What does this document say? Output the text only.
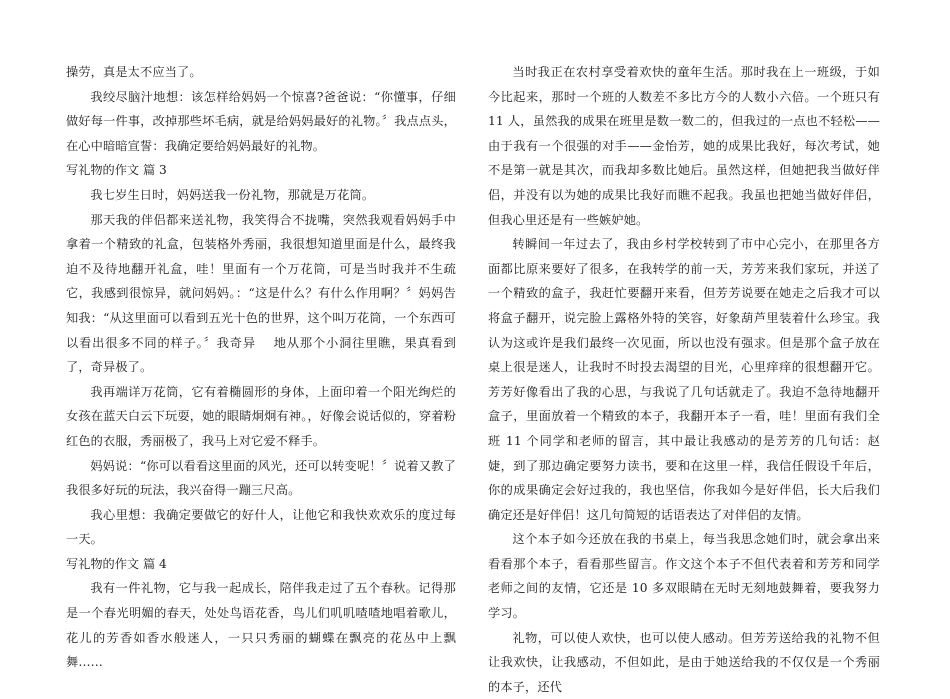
操劳，真是太不应当了。

我绞尽脑汁地想：该怎样给妈妈一个惊喜?爸爸说：“你懂事，仔细做好每一件事，改掉那些坏毛病，就是给妈妈最好的礼物。〞我点点头，在心中暗暗宣誓：我确定要给妈妈最好的礼物。

写礼物的作文 篇 3

我七岁生日时，妈妈送我一份礼物，那就是万花筒。

那天我的伴侣都来送礼物，我笑得合不拢嘴，突然我观看妈妈手中拿着一个精致的礼盒，包装格外秀丽，我很想知道里面是什么，最终我迫不及待地翻开礼盒，哇！里面有一个万花筒，可是当时我并不生疏它，我感到很惊异，就问妈妈。：“这是什么？有什么作用啊？〞妈妈告知我：“从这里面可以看到五光十色的世界，这个叫万花筒，一个东西可以看出很多不同的样子。〞我奇异　 地从那个小洞往里瞧，果真看到了，奇异极了。

我再端详万花筒，它有着椭圆形的身体，上面印着一个阳光绚烂的女孩在蓝天白云下玩耍，她的眼睛炯炯有神。，好像会说话似的，穿着粉红色的衣服，秀丽极了，我马上对它爱不释手。

妈妈说：“你可以看看这里面的风光，还可以转变呢！〞说着又教了我很多好玩的玩法，我兴奋得一蹦三尺高。

我心里想：我确定要做它的好什人，让他它和我快欢欢乐的度过每一天。

写礼物的作文 篇 4

我有一件礼物，它与我一起成长，陪伴我走过了五个春秋。记得那是一个春光明媚的春天，处处鸟语花香，鸟儿们叽叽喳喳地唱着歌儿，花儿的芳香如香水般迷人，一只只秀丽的蝴蝶在飘亮的花丛中上飘舞……

当时我正在农村享受着欢快的童年生活。那时我在上一班级，于如今比起来，那时一个班的人数差不多比方今的人数小六倍。一个班只有 11 人，虽然我的成果在班里是数一数二的，但我过的一点也不轻松——由于我有一个很强的对手——金怡芳，她的成果比我好，每次考试，她不是第一就是其次，而我却多数比她后。虽然这样，但她把我当做好伴侣，并没有以为她的成果比我好而瞧不起我。我虽也把她当做好伴侣，但我心里还是有一些嫉妒她。

转瞬间一年过去了，我由乡村学校转到了市中心完小，在那里各方面都比原来要好了很多，在我转学的前一天，芳芳来我们家玩，并送了一个精致的盒子，我赶忙要翻开来看，但芳芳说要在她走之后我才可以将盒子翻开，说完脸上露格外特的笑容，好象葫芦里装着什么珍宝。我认为这或许是我们最终一次见面，所以也没有强求。但是那个盒子放在桌上很是迷人，让我时不时投去渴望的目光，心里痒痒的很想翻开它。芳芳好像看出了我的心思，与我说了几句话就走了。我迫不急待地翻开盒子，里面放着一个精致的本子，我翻开本子一看，哇！里面有我们全班 11 个同学和老师的留言，其中最让我感动的是芳芳的几句话：赵婕，到了那边确定要努力读书，要和在这里一样，我信任假设千年后，你的成果确定会好过我的，我也坚信，你我如今是好伴侣，长大后我们确定还是好伴侣！这几句简短的话语表达了对伴侣的友情。

这个本子如今还放在我的书桌上，每当我思念她们时，就会拿出来看看那个本子，看看那些留言。作文这个本子不但代表着和芳芳和同学老师之间的友情，它还是 10 多双眼睛在无时无刻地鼓舞着，要我努力学习。

礼物，可以使人欢快，也可以使人感动。但芳芳送给我的礼物不但让我欢快，让我感动，不但如此，是由于她送给我的不仅仅是一个秀丽的本子，还代
